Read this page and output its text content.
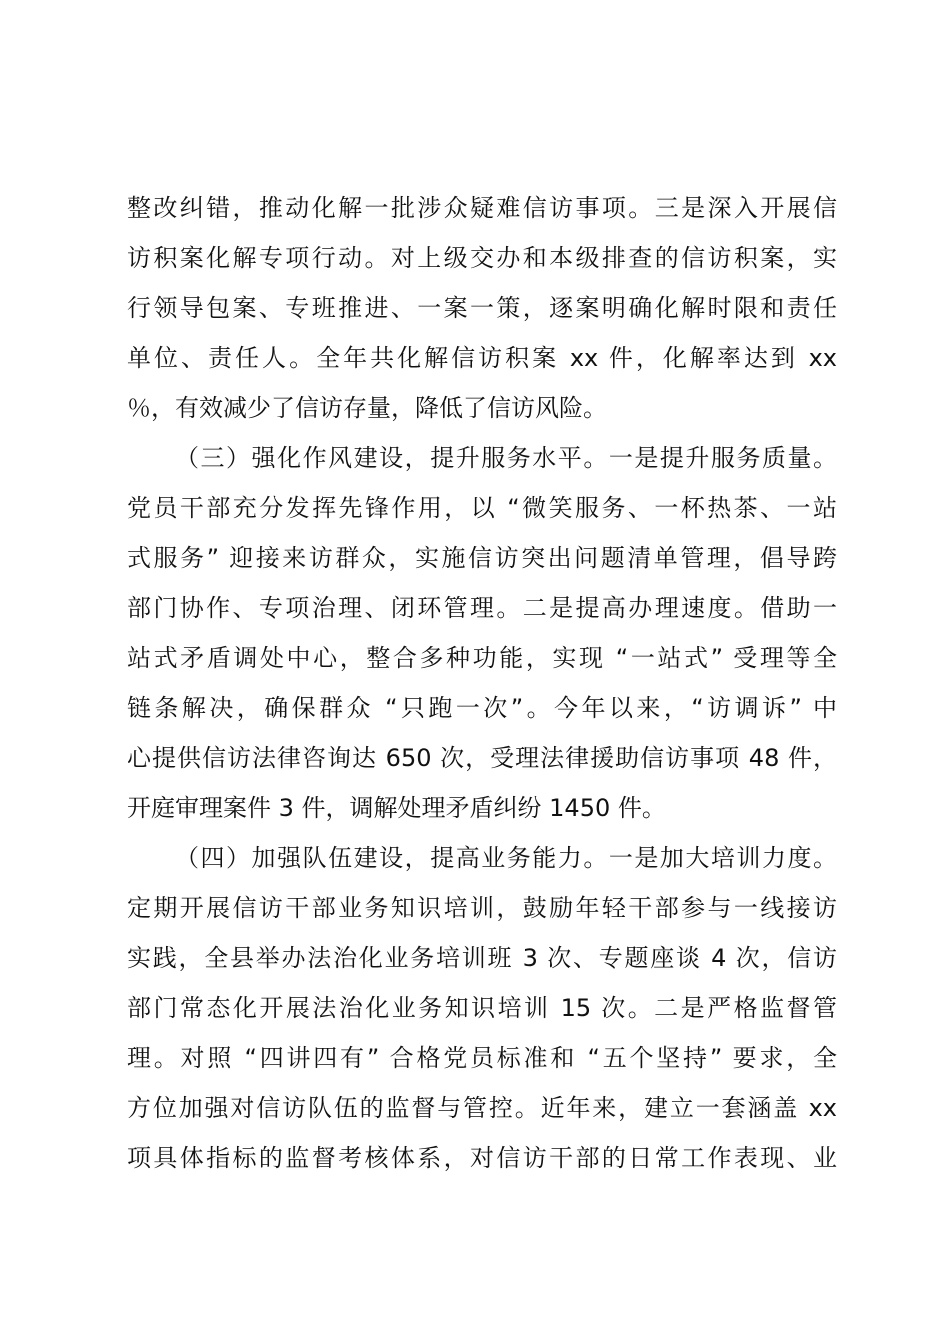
整改纠错，推动化解一批涉众疑难信访事项。三是深入开展信
访积案化解专项行动。对上级交办和本级排查的信访积案，实
行领导包案、专班推进、一案一策，逐案明确化解时限和责任
单位、责任人。全年共化解信访积案 xx 件，化解率达到 xx
％，有效减少了信访存量，降低了信访风险。
（三）强化作风建设，提升服务水平。一是提升服务质量。
党员干部充分发挥先锋作用，以 “微笑服务、一杯热茶、一站
式服务” 迎接来访群众，实施信访突出问题清单管理，倡导跨
部门协作、专项治理、闭环管理。二是提高办理速度。借助一
站式矛盾调处中心，整合多种功能，实现 “一站式” 受理等全
链条解决，确保群众 “只跑一次”。今年以来，“访调诉” 中
心提供信访法律咨询达 650 次，受理法律援助信访事项 48 件，
开庭审理案件 3 件，调解处理矛盾纠纷 1450 件。
（四）加强队伍建设，提高业务能力。一是加大培训力度。
定期开展信访干部业务知识培训，鼓励年轻干部参与一线接访
实践，全县举办法治化业务培训班 3 次、专题座谈 4 次，信访
部门常态化开展法治化业务知识培训 15 次。二是严格监督管
理。对照 “四讲四有” 合格党员标准和 “五个坚持” 要求，全
方位加强对信访队伍的监督与管控。近年来，建立一套涵盖 xx
项具体指标的监督考核体系，对信访干部的日常工作表现、业
